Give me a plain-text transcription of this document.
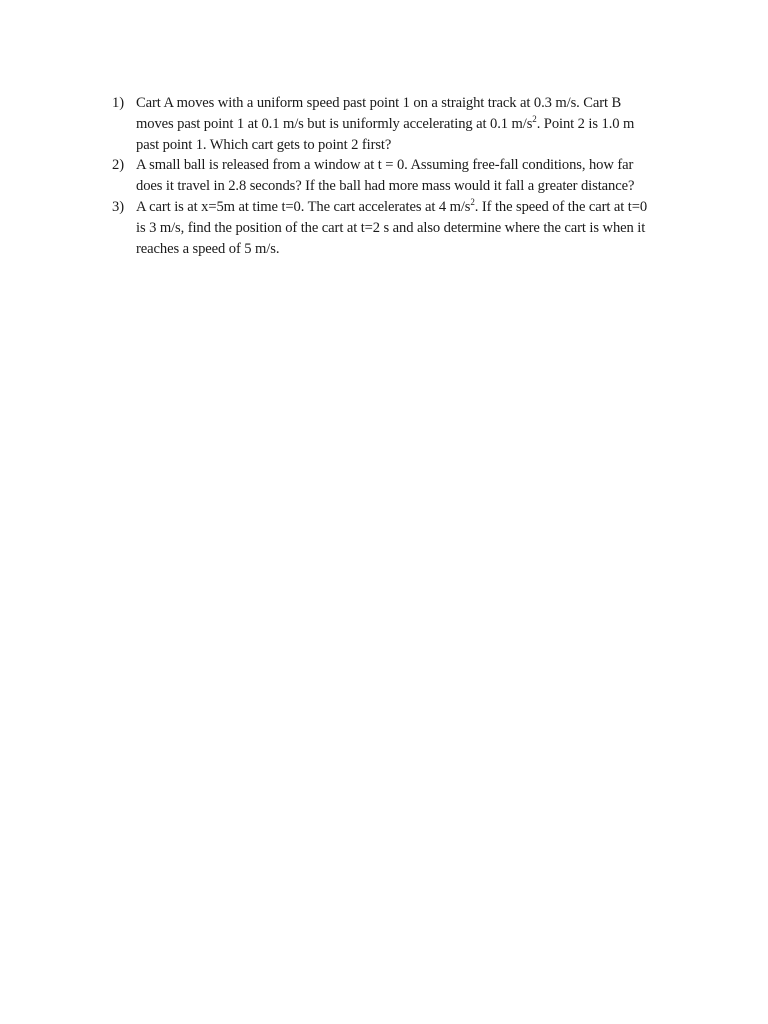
1) Cart A moves with a uniform speed past point 1 on a straight track at 0.3 m/s. Cart B
moves past point 1 at 0.1 m/s but is uniformly accelerating at 0.1 $m/s^2$. Point 2 is 1.0 m
past point 1. Which cart gets to point 2 first?
2) A small ball is released from a window at t = 0. Assuming free-fall conditions, how far
does it travel in 2.8 seconds? If the ball had more mass would it fall a greater distance?
3) A cart is at x=5m at time t=0. The cart accelerates at 4 $m/s^2$. If the speed of the cart at t=0
is 3 m/s, find the position of the cart at t=2 s and also determine where the cart is when it
reaches a speed of 5 m/s.
